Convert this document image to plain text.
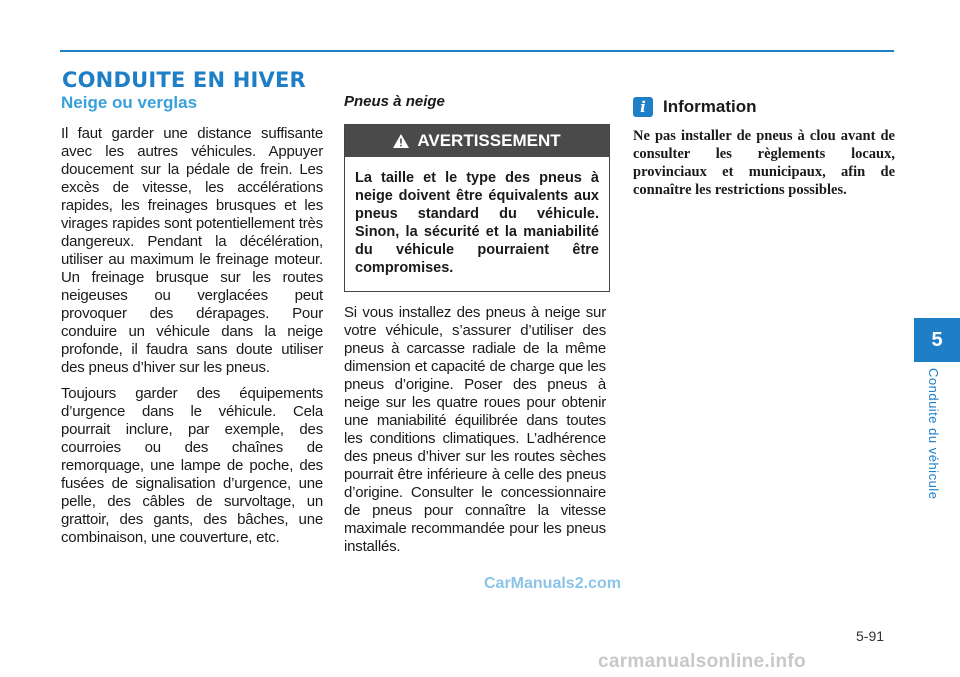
CONDUITE EN HIVER
Neige ou verglas

Il faut garder une distance suffisante avec les autres véhicules. Appuyer doucement sur la pédale de frein. Les excès de vitesse, les accélérations rapides, les freinages brusques et les virages rapides sont potentiellement très dangereux. Pendant la décélération, utiliser au maximum le freinage moteur. Un freinage brusque sur les routes neigeuses ou verglacées peut provoquer des dérapages. Pour conduire un véhicule dans la neige profonde, il faudra sans doute utiliser des pneus d’hiver sur les pneus.

Toujours garder des équipements d’urgence dans le véhicule. Cela pourrait inclure, par exemple, des courroies ou des chaînes de remorquage, une lampe de poche, des fusées de signalisation d’urgence, une pelle, des câbles de survoltage, un grattoir, des gants, des bâches, une combinaison, une couverture, etc.

Pneus à neige
AVERTISSEMENT
La taille et le type des pneus à neige doivent être équivalents aux pneus standard du véhicule. Sinon, la sécurité et la maniabilité du véhicule pourraient être compromises.

Si vous installez des pneus à neige sur votre véhicule, s’assurer d’utiliser des pneus à carcasse radiale de la même dimension et capacité de charge que les pneus d’origine. Poser des pneus à neige sur les quatre roues pour obtenir une maniabilité équilibrée dans toutes les conditions climatiques. L’adhérence des pneus d’hiver sur les routes sèches pourrait être inférieure à celle des pneus d’origine. Consulter le concessionnaire de pneus pour connaître la vitesse maximale recommandée pour les pneus installés.

i	Information

Ne pas installer de pneus à clou avant de consulter les règlements locaux, provinciaux et municipaux, afin de connaître les restrictions possibles.

5
Conduite du véhicule
CarManuals2.com
5-91
carmanualsonline.info
